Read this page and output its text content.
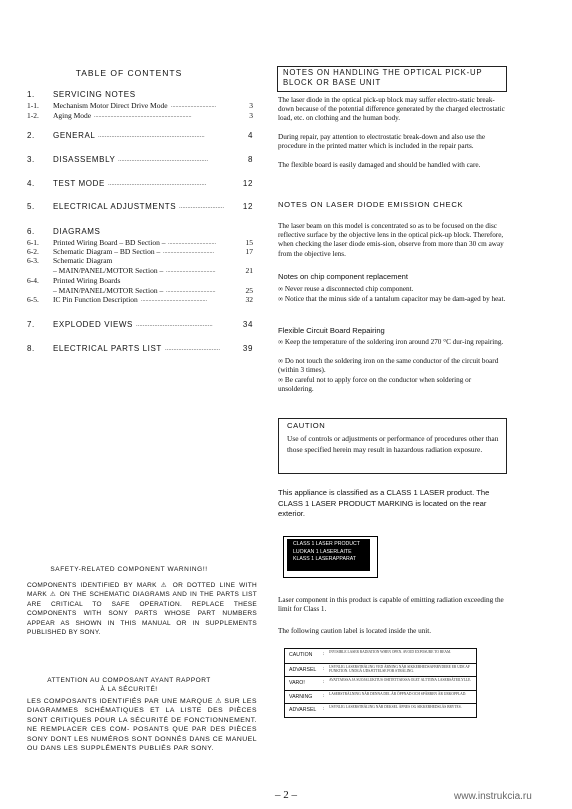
TABLE OF CONTENTS
1. SERVICING NOTES
1-1. Mechanism Motor Direct Drive Mode ..............................	3
1-2. Aging Mode .................................................................	3
2. GENERAL ................................................................	4
3. DISASSEMBLY ......................................................	8
4. TEST MODE ...........................................................	12
5. ELECTRICAL ADJUSTMENTS ...........................	12
6. DIAGRAMS
6-1. Printed Wiring Board – BD Section – ................................	15
6-2. Schematic Diagram – BD Section – ..................................	17
6-3. Schematic Diagram
– MAIN/PANEL/MOTOR Section – .................................	21
6-4. Printed Wiring Boards
– MAIN/PANEL/MOTOR Section – .................................	25
6-5. IC Pin Function Description ............................................	32
7. EXPLODED VIEWS ..............................................	34
8. ELECTRICAL PARTS LIST .................................	39
SAFETY-RELATED COMPONENT WARNING!!
COMPONENTS IDENTIFIED BY MARK ⚠ OR DOTTED LINE WITH MARK ⚠ ON THE SCHEMATIC DIAGRAMS AND IN THE PARTS LIST ARE CRITICAL TO SAFE OPERATION. REPLACE THESE COMPONENTS WITH SONY PARTS WHOSE PART NUMBERS APPEAR AS SHOWN IN THIS MANUAL OR IN SUPPLEMENTS PUBLISHED BY SONY.
ATTENTION AU COMPOSANT AYANT RAPPORT
À LA SÉCURITÉ!
LES COMPOSANTS IDENTIFIÉS PAR UNE MARQUE ⚠ SUR LES DIAGRAMMES SCHÉMATIQUES ET LA LISTE DES PIÈCES SONT CRITIQUES POUR LA SÉCURITÉ DE FONCTIONNEMENT. NE REMPLACER CES COM- POSANTS QUE PAR DES PIÈCES SONY DONT LES NUMÉROS SONT DONNÉS DANS CE MANUEL OU DANS LES SUPPLÉMENTS PUBLIÉS PAR SONY.
NOTES ON HANDLING THE OPTICAL PICK-UP BLOCK OR BASE UNIT
The laser diode in the optical pick-up block may suffer electro-static break-down because of the potential difference generated by the charged electrostatic load, etc. on clothing and the human body.
During repair, pay attention to electrostatic break-down and also use the procedure in the printed matter which is included in the repair parts.
The flexible board is easily damaged and should be handled with care.
NOTES ON LASER DIODE EMISSION CHECK
The laser beam on this model is concentrated so as to be focused on the disc reflective surface by the objective lens in the optical pick-up block. Therefore, when checking the laser diode emis-sion, observe from more than 30 cm away from the objective lens.
Notes on chip component replacement
∞ Never reuse a disconnected chip component.
∞ Notice that the minus side of a tantalum capacitor may be dam-aged by heat.
Flexible Circuit Board Repairing
∞ Keep the temperature of the soldering iron around 270 °C dur-ing repairing.
∞ Do not touch the soldering iron on the same conductor of the circuit board (within 3 times).
∞ Be careful not to apply force on the conductor when soldering or unsoldering.
CAUTION
Use of controls or adjustments or performance of procedures other than those specified herein may result in hazardous radiation exposure.
This appliance is classified as a CLASS 1 LASER product. The CLASS 1 LASER PRODUCT MARKING is located on the rear exterior.
CLASS 1 LASER PRODUCT
LUOKAN 1 LASERLAITE
KLASS 1 LASERAPPARAT
Laser component in this product is capable of emitting radiation exceeding the limit for Class 1.
The following caution label is located inside the unit.
CAUTION : INVISIBLE LASER RADIATION WHEN OPEN. AVOID EXPOSURE TO BEAM.
ADVARSEL : USYNLIG LASERSTRÅLING VED ÅBNING NÅR SIKKERHEDSAFBRYDERE ER UDE AF FUNKTION. UNDGÅ UDSÆTTELSE FOR STRÅLING.
VARO!	: AVATTAESSA JA SUOJALUKITUS OHITETTAESSA OLET ALTTIINA LASERSÄTEILYLLE.
VARNING : LASERSTRÅLNING NÄR DENNA DEL ÄR ÖPPNAD OCH SPÄRREN ÄR URKOPPLAD.
ADVARSEL : USYNLIG LASERSTRÅLING NÅR DEKSEL ÅPNES OG SIKKERHEDSLÅS BRYTES.
– 2 –	www.instrukcia.ru
